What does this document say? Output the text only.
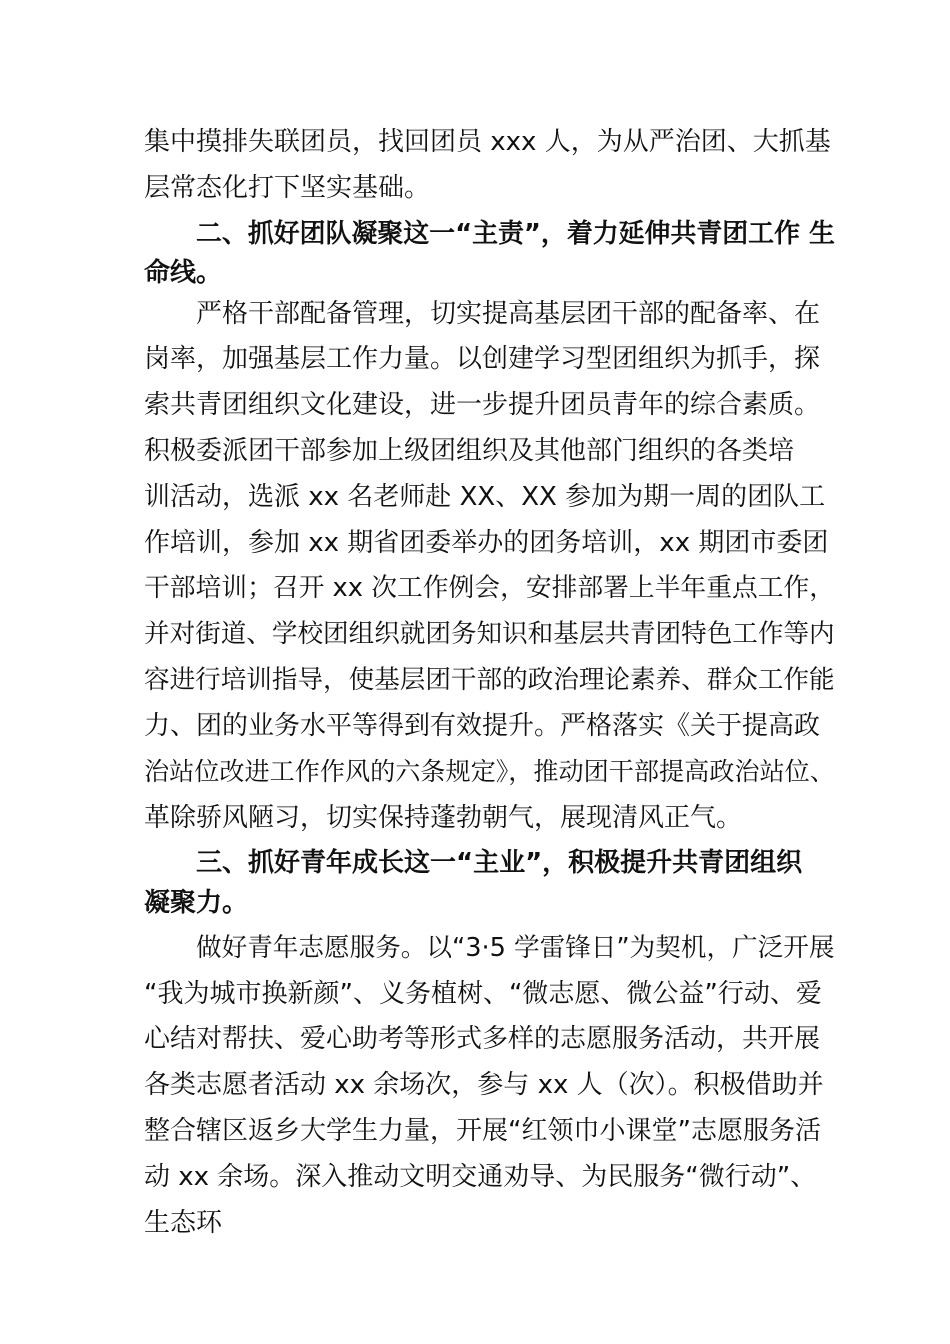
集中摸排失联团员，找回团员 xxx 人，为从严治团、大抓基
层常态化打下坚实基础。
二、抓好团队凝聚这一“主责”，着力延伸共青团工作 生
命线。
严格干部配备管理，切实提高基层团干部的配备率、在
岗率，加强基层工作力量。以创建学习型团组织为抓手，探
索共青团组织文化建设，进一步提升团员青年的综合素质。
积极委派团干部参加上级团组织及其他部门组织的各类培
训活动，选派 xx 名老师赴 XX、XX 参加为期一周的团队工
作培训，参加 xx 期省团委举办的团务培训，xx 期团市委团
干部培训；召开 xx 次工作例会，安排部署上半年重点工作，
并对街道、学校团组织就团务知识和基层共青团特色工作等内
容进行培训指导，使基层团干部的政治理论素养、群众工作能
力、团的业务水平等得到有效提升。严格落实《关于提高政
治站位改进工作作风的六条规定》，推动团干部提高政治站位、
革除骄风陋习，切实保持蓬勃朝气，展现清风正气。
三、抓好青年成长这一“主业”，积极提升共青团组织
凝聚力。
做好青年志愿服务。以“3·5 学雷锋日”为契机，广泛开展
“我为城市换新颜”、义务植树、“微志愿、微公益”行动、爱
心结对帮扶、爱心助考等形式多样的志愿服务活动，共开展
各类志愿者活动 xx 余场次，参与 xx 人（次）。积极借助并
整合辖区返乡大学生力量，开展“红领巾小课堂”志愿服务活
动 xx 余场。深入推动文明交通劝导、为民服务“微行动”、
生态环
